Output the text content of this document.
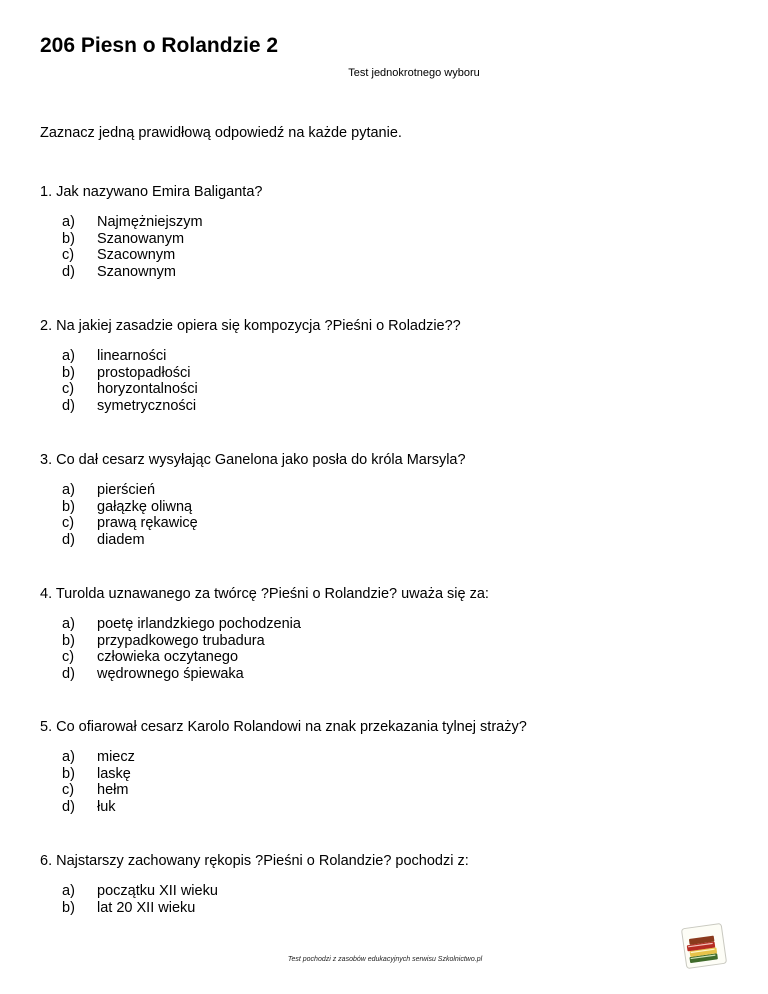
206 Piesn o Rolandzie 2
Test jednokrotnego wyboru
Zaznacz jedną prawidłową odpowiedź na każde pytanie.

1. Jak nazywano Emira Baliganta?

a)	Najmężniejszym
b)	Szanowanym
c)	Szacownym
d)	Szanownym

2. Na jakiej zasadzie opiera się kompozycja ?Pieśni o Roladzie??

a)	linearności
b)	prostopadłości
c)	horyzontalności
d)	symetryczności

3. Co dał cesarz wysyłając Ganelona jako posła do króla Marsyla?

a)	pierścień
b)	gałązkę oliwną
c)	prawą rękawicę
d)	diadem

4. Turolda uznawanego za twórcę ?Pieśni o Rolandzie? uważa się za:

a)	poetę irlandzkiego pochodzenia
b)	przypadkowego trubadura
c)	człowieka oczytanego
d)	wędrownego śpiewaka

5. Co ofiarował cesarz Karolo Rolandowi na znak przekazania tylnej straży?

a)	miecz
b)	laskę
c)	hełm
d)	łuk

6. Najstarszy zachowany rękopis ?Pieśni o Rolandzie? pochodzi z:

a)	początku XII wieku
b)	lat 20 XII wieku
Test pochodzi z zasobów edukacyjnych serwisu Szkolnictwo.pl
